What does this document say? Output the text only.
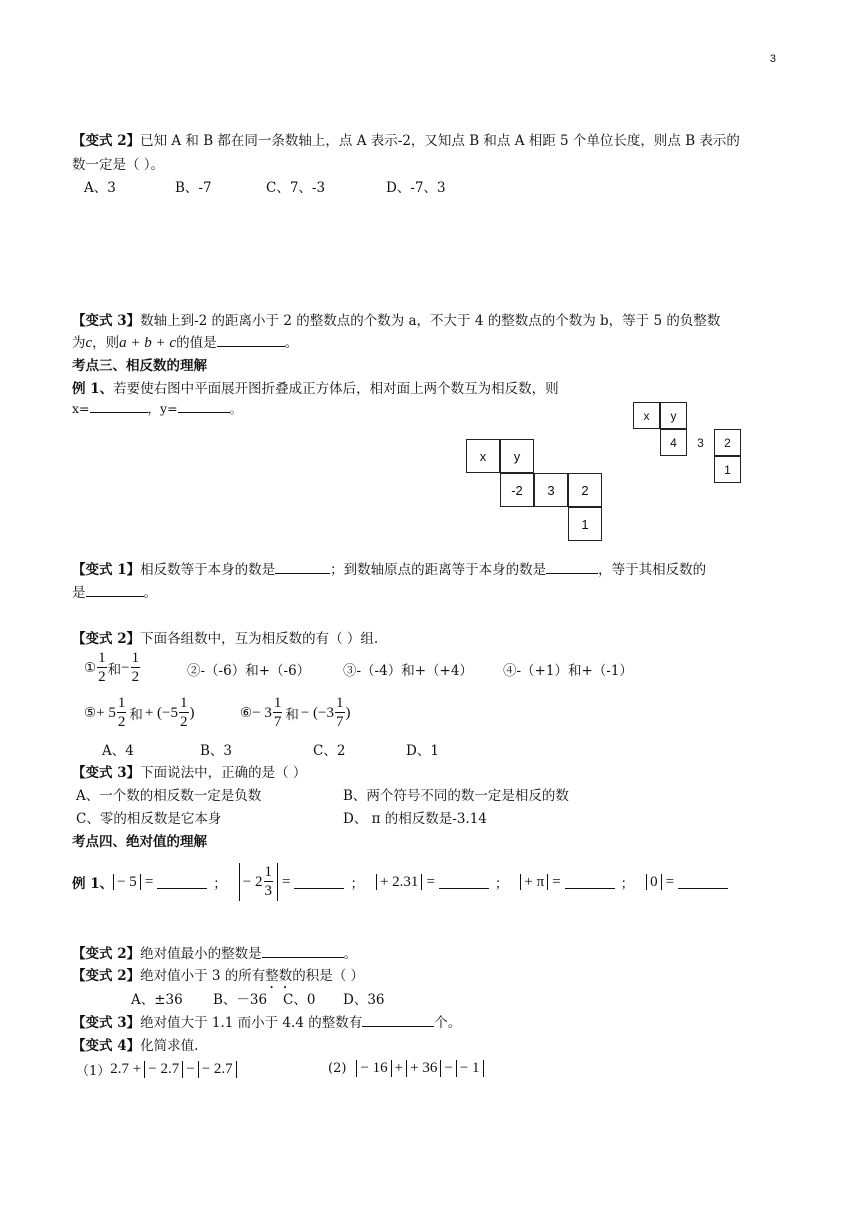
3
【变式 2】已知 A 和 B 都在同一条数轴上，点 A 表示-2，又知点 B 和点 A 相距 5 个单位长度，则点 B 表示的
数一定是（ ）。
A、3	B、-7	C、7、-3	D、-7、3
【变式 3】数轴上到-2 的距离小于 2 的整数点的个数为 a，不大于 4 的整数点的个数为 b，等于 5 的负整数
为c，则a + b + c的值是	。
考点三、相反数的理解
例 1、若要使右图中平面展开图折叠成正方体后，相对面上两个数互为相反数，则
x=	，y=	。
x	y
-2	3	2
1
x	y
4	3	2
1
【变式 1】相反数等于本身的数是	；到数轴原点的距离等于本身的数是	，等于其相反数的
是	。
【变式 2】下面各组数中，互为相反数的有（ ）组.
① $\frac{1}{2}$ 和 − $\frac{1}{2}$	②-（-6）和+（-6） ③-（-4）和+（+4） ④-（+1）和+（-1）
⑤ + $5 \frac{1}{2}$ 和 + ($-5 \frac{1}{2}$ )	⑥ − $3 \frac{1}{7}$ 和 − ($-3 \frac{1}{7}$ )
A、4	B、3	C、2	D、1
【变式 3】下面说法中，正确的是（ ）
A、一个数的相反数一定是负数	B、两个符号不同的数一定是相反的数
C、零的相反数是它本身	D、 π 的相反数是-3.14
考点四、绝对值的理解
例 1、 − 5 =	； − $2 \frac{1}{3}$ =	； + 2.31 =	； + π =	； 0 =
【变式 2】绝对值最小的整数是	。
【变式 2】绝对值小于 3 的所有整数的积是（ ）
A、±36 B、－36 C、0 D、36
【变式 3】绝对值大于 1.1 而小于 4.4 的整数有	个。
【变式 4】化简求值.
（1） 2.7 + − 2.7 − − 2.7	(2) − 16 + + 36 − − 1
